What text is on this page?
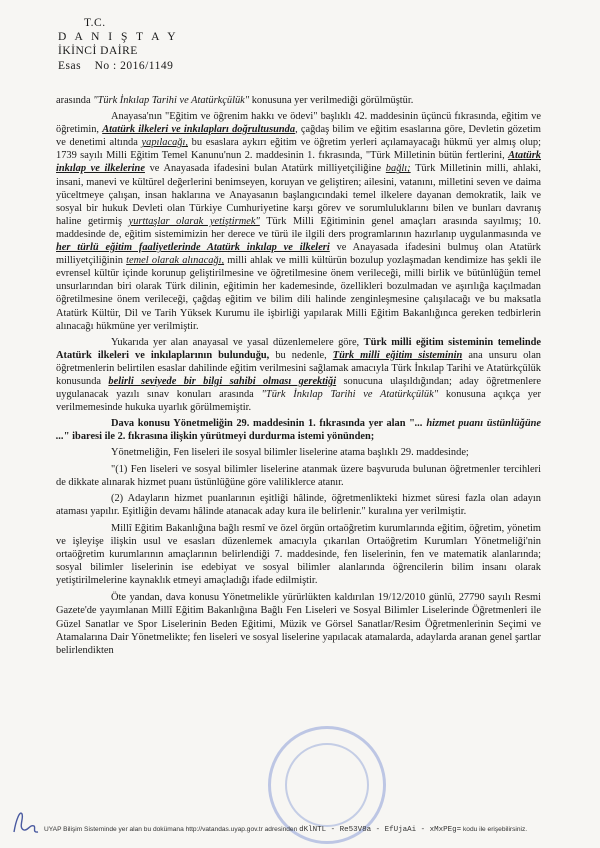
T.C.
D A N I Ş T A Y
İKİNCİ DAİRE
Esas No : 2016/1149

arasında "Türk İnkılap Tarihi ve Atatürkçülük" konusuna yer verilmediği görülmüştür.

Anayasa'nın "Eğitim ve öğrenim hakkı ve ödevi" başlıklı 42. maddesinin üçüncü fıkrasında, eğitim ve öğretimin, Atatürk ilkeleri ve inkılapları doğrultusunda, çağdaş bilim ve eğitim esaslarına göre, Devletin gözetim ve denetimi altında yapılacağı, bu esaslara aykırı eğitim ve öğretim yerleri açılamayacağı hükmü yer almış olup; 1739 sayılı Milli Eğitim Temel Kanunu'nun 2. maddesinin 1. fıkrasında, "Türk Milletinin bütün fertlerini, Atatürk inkılap ve ilkelerine ve Anayasada ifadesini bulan Atatürk milliyetçiliğine bağlı; Türk Milletinin milli, ahlaki, insani, manevi ve kültürel değerlerini benimseyen, koruyan ve geliştiren; ailesini, vatanını, milletini seven ve daima yüceltmeye çalışan, insan haklarına ve Anayasanın başlangıcındaki temel ilkelere dayanan demokratik, laik ve sosyal bir hukuk Devleti olan Türkiye Cumhuriyetine karşı görev ve sorumluluklarını bilen ve bunları davranış haline getirmiş yurttaşlar olarak yetiştirmek" Türk Milli Eğitiminin genel amaçları arasında sayılmış; 10. maddesinde de, eğitim sistemimizin her derece ve türü ile ilgili ders programlarının hazırlanıp uygulanmasında ve her türlü eğitim faaliyetlerinde Atatürk inkılap ve ilkeleri ve Anayasada ifadesini bulmuş olan Atatürk milliyetçiliğinin temel olarak alınacağı, milli ahlak ve milli kültürün bozulup yozlaşmadan kendimize has şekli ile evrensel kültür içinde korunup geliştirilmesine ve öğretilmesine önem verileceği, milli birlik ve bütünlüğün temel unsurlarından biri olarak Türk dilinin, eğitimin her kademesinde, özellikleri bozulmadan ve aşırılığa kaçılmadan öğretilmesine önem verileceği, çağdaş eğitim ve bilim dili halinde zenginleşmesine çalışılacağı ve bu maksatla Atatürk Kültür, Dil ve Tarih Yüksek Kurumu ile işbirliği yapılarak Milli Eğitim Bakanlığınca gereken tedbirlerin alınacağı hükmüne yer verilmiştir.

Yukarıda yer alan anayasal ve yasal düzenlemelere göre, Türk milli eğitim sisteminin temelinde Atatürk ilkeleri ve inkılaplarının bulunduğu, bu nedenle, Türk milli eğitim sisteminin ana unsuru olan öğretmenlerin belirtilen esaslar dahilinde eğitim verilmesini sağlamak amacıyla Türk İnkılap Tarihi ve Atatürkçülük konusunda belirli seviyede bir bilgi sahibi olması gerektiği sonucuna ulaşıldığından; aday öğretmenlere uygulanacak yazılı sınav konuları arasında "Türk İnkılap Tarihi ve Atatürkçülük" konusuna açıkça yer verilmemesinde hukuka uyarlık görülmemiştir.

Dava konusu Yönetmeliğin 29. maddesinin 1. fıkrasında yer alan "... hizmet puanı üstünlüğüne ..." ibaresi ile 2. fıkrasına ilişkin yürütmeyi durdurma istemi yönünden;

Yönetmeliğin, Fen liseleri ile sosyal bilimler liselerine atama başlıklı 29. maddesinde;

"(1) Fen liseleri ve sosyal bilimler liselerine atanmak üzere başvuruda bulunan öğretmenler tercihleri de dikkate alınarak hizmet puanı üstünlüğüne göre valiliklerce atanır.

(2) Adayların hizmet puanlarının eşitliği hâlinde, öğretmenlikteki hizmet süresi fazla olan adayın ataması yapılır. Eşitliğin devamı hâlinde atanacak aday kura ile belirlenir." kuralına yer verilmiştir.

Millî Eğitim Bakanlığına bağlı resmî ve özel örgün ortaöğretim kurumlarında eğitim, öğretim, yönetim ve işleyişe ilişkin usul ve esasları düzenlemek amacıyla çıkarılan Ortaöğretim Kurumları Yönetmeliği'nin ortaöğretim kurumlarının amaçlarının belirlendiği 7. maddesinde, fen liselerinin, fen ve matematik alanlarında; sosyal bilimler liselerinin ise edebiyat ve sosyal bilimler alanlarında öğrencilerin bilim insanı olarak yetiştirilmelerine kaynaklık etmeyi amaçladığı ifade edilmiştir.

Öte yandan, dava konusu Yönetmelikle yürürlükten kaldırılan 19/12/2010 günlü, 27790 sayılı Resmi Gazete'de yayımlanan Millî Eğitim Bakanlığına Bağlı Fen Liseleri ve Sosyal Bilimler Liselerinde Öğretmenleri ile Güzel Sanatlar ve Spor Liselerinin Beden Eğitimi, Müzik ve Görsel Sanatlar/Resim Öğretmenlerinin Seçimi ve Atamalarına Dair Yönetmelikte; fen liseleri ve sosyal liselerine yapılacak atamalarda, adaylarda aranan genel şartlar belirlendikten

UYAP Bilişim Sisteminde yer alan bu dokümana http://vatandas.uyap.gov.tr adresinden dKlNTL - Re53V8a - EfUjaAi - xMxPEg= kodu ile erişebilirsiniz.
